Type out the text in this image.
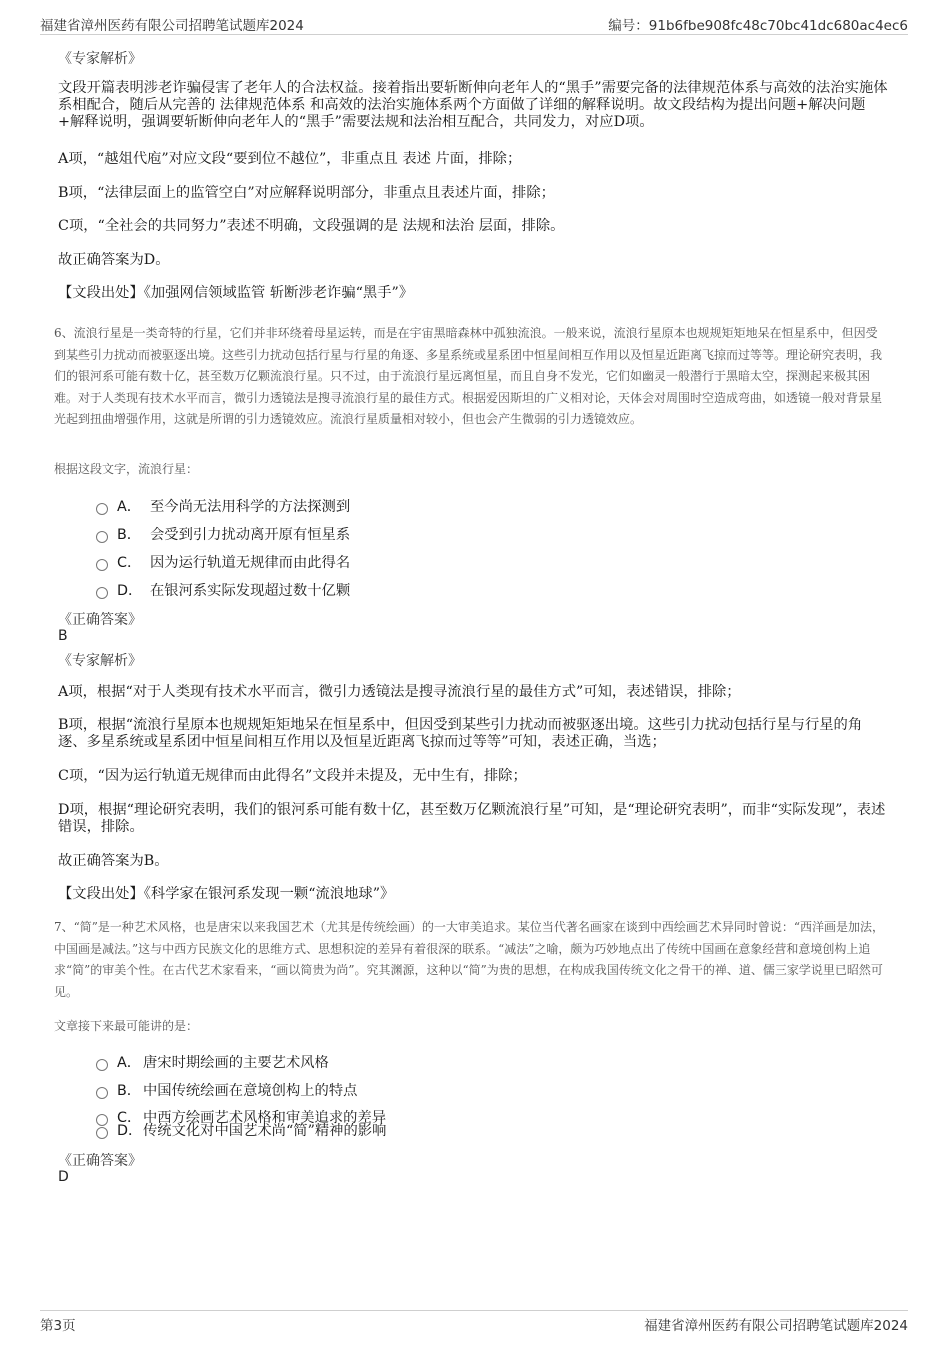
福建省漳州医药有限公司招聘笔试题库2024	编号：91b6fbe908fc48c70bc41dc680ac4ec6
《专家解析》
文段开篇表明涉老诈骗侵害了老年人的合法权益。接着指出要斩断伸向老年人的“黑手”需要完备的法律规范体系与高效的法治实施体系相配合，随后从完善的 法律规范体系 和高效的法治实施体系两个方面做了详细的解释说明。故文段结构为提出问题+解决问题+解释说明，强调要斩断伸向老年人的“黑手”需要法规和法治相互配合，共同发力，对应D项。
A项，“越俎代庖”对应文段“要到位不越位”，非重点且 表述 片面，排除；
B项，“法律层面上的监管空白”对应解释说明部分，非重点且表述片面，排除；
C项，“全社会的共同努力”表述不明确，文段强调的是 法规和法治 层面，排除。
故正确答案为D。
【文段出处】《加强网信领域监管 斩断涉老诈骗“黑手”》
6、流浪行星是一类奇特的行星，它们并非环绕着母星运转，而是在宇宙黑暗森林中孤独流浪。一般来说，流浪行星原本也规规矩矩地呆在恒星系中，但因受到某些引力扰动而被驱逐出境。这些引力扰动包括行星与行星的角逐、多星系统或星系团中恒星间相互作用以及恒星近距离飞掠而过等等。理论研究表明，我们的银河系可能有数十亿，甚至数万亿颗流浪行星。只不过，由于流浪行星远离恒星，而且自身不发光，它们如幽灵一般潜行于黑暗太空，探测起来极其困难。对于人类现有技术水平而言，微引力透镜法是搜寻流浪行星的最佳方式。根据爱因斯坦的广义相对论，天体会对周围时空造成弯曲，如透镜一般对背景星光起到扭曲增强作用，这就是所谓的引力透镜效应。流浪行星质量相对较小，但也会产生微弱的引力透镜效应。
根据这段文字，流浪行星：
A． 至今尚无法用科学的方法探测到
B． 会受到引力扰动离开原有恒星系
C． 因为运行轨道无规律而由此得名
D． 在银河系实际发现超过数十亿颗
《正确答案》
B
《专家解析》
A项，根据“对于人类现有技术水平而言，微引力透镜法是搜寻流浪行星的最佳方式”可知，表述错误，排除；
B项，根据“流浪行星原本也规规矩矩地呆在恒星系中，但因受到某些引力扰动而被驱逐出境。这些引力扰动包括行星与行星的角逐、多星系统或星系团中恒星间相互作用以及恒星近距离飞掠而过等等”可知，表述正确，当选；
C项，“因为运行轨道无规律而由此得名”文段并未提及，无中生有，排除；
D项，根据“理论研究表明，我们的银河系可能有数十亿，甚至数万亿颗流浪行星”可知，是“理论研究表明”，而非“实际发现”，表述错误，排除。
故正确答案为B。
【文段出处】《科学家在银河系发现一颗“流浪地球”》
7、“简”是一种艺术风格，也是唐宋以来我国艺术（尤其是传统绘画）的一大审美追求。某位当代著名画家在谈到中西绘画艺术异同时曾说：“西洋画是加法，中国画是减法。”这与中西方民族文化的思维方式、思想积淀的差异有着很深的联系。“减法”之喻，颇为巧妙地点出了传统中国画在意象经营和意境创构上追求“简”的审美个性。在古代艺术家看来，“画以简贵为尚”。究其渊源，这种以“简”为贵的思想，在构成我国传统文化之骨干的禅、道、儒三家学说里已昭然可见。
文章接下来最可能讲的是：
A． 唐宋时期绘画的主要艺术风格
B． 中国传统绘画在意境创构上的特点
C． 中西方绘画艺术风格和审美追求的差异
D．传统文化对中国艺术尚“简”精神的影响
《正确答案》
D
第3页	福建省漳州医药有限公司招聘笔试题库2024
